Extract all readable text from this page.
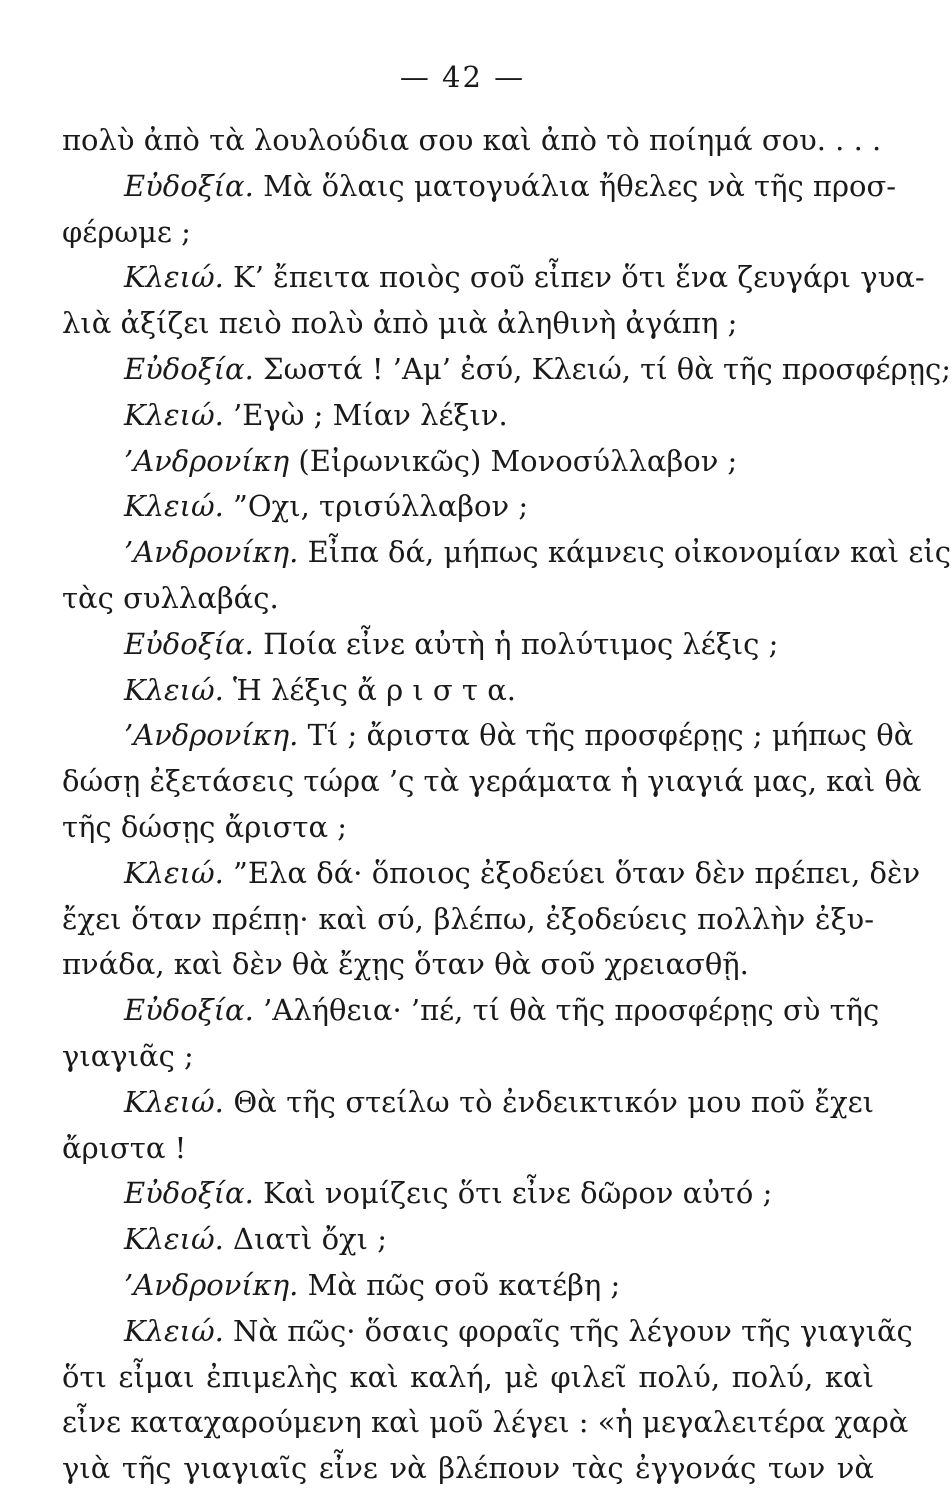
— 42 —
πολὺ ἀπὸ τὰ λουλούδια σου καὶ ἀπὸ τὸ ποίημά σου. . . .
Εὐδοξία. Μὰ ὅλαις ματογυάλια ἤθελες νὰ τῆς προσ-
φέρωμε ;
Κλειώ. Κ’ ἔπειτα ποιὸς σοῦ εἶπεν ὅτι ἕνα ζευγάρι γυα-
λιὰ ἀξίζει πειὸ πολὺ ἀπὸ μιὰ ἀληθινὴ ἀγάπη ;
Εὐδοξία. Σωστά ! ’Αμ’ ἐσύ, Κλειώ, τί θὰ τῆς προσφέρῃς;
Κλειώ. ’Εγὼ ; Μίαν λέξιν.
’Ανδρονίκη (Εἰρωνικῶς) Μονοσύλλαβον ;
Κλειώ. ”Οχι, τρισύλλαβον ;
’Ανδρονίκη. Εἶπα δά, μήπως κάμνεις οἰκονομίαν καὶ εἰς
τὰς συλλαβάς.
Εὐδοξία. Ποία εἶνε αὐτὴ ἡ πολύτιμος λέξις ;
Κλειώ. Ἡ λέξις ἄ ρ ι σ τ α.
’Ανδρονίκη. Τί ; ἄριστα θὰ τῆς προσφέρῃς ; μήπως θὰ
δώσῃ ἐξετάσεις τώρα ’ς τὰ γεράματα ἡ γιαγιά μας, καὶ θὰ
τῆς δώσῃς ἄριστα ;
Κλειώ. ”Ελα δά· ὅποιος ἐξοδεύει ὅταν δὲν πρέπει, δὲν
ἔχει ὅταν πρέπῃ· καὶ σύ, βλέπω, ἐξοδεύεις πολλὴν ἐξυ-
πνάδα, καὶ δὲν θὰ ἔχῃς ὅταν θὰ σοῦ χρειασθῇ.
Εὐδοξία. ’Αλήθεια· ’πέ, τί θὰ τῆς προσφέρῃς σὺ τῆς
γιαγιᾶς ;
Κλειώ. Θὰ τῆς στείλω τὸ ἐνδεικτικόν μου ποῦ ἔχει
ἄριστα !
Εὐδοξία. Καὶ νομίζεις ὅτι εἶνε δῶρον αὐτό ;
Κλειώ. Διατὶ ὄχι ;
’Ανδρονίκη. Μὰ πῶς σοῦ κατέβη ;
Κλειώ. Νὰ πῶς· ὅσαις φοραῖς τῆς λέγουν τῆς γιαγιᾶς
ὅτι εἶμαι ἐπιμελὴς καὶ καλή, μὲ φιλεῖ πολύ, πολύ, καὶ
εἶνε καταχαρούμενη καὶ μοῦ λέγει : «ἡ μεγαλειτέρα χαρὰ
γιὰ τῆς γιαγιαῖς εἶνε νὰ βλέπουν τὰς ἐγγονάς των νὰ
